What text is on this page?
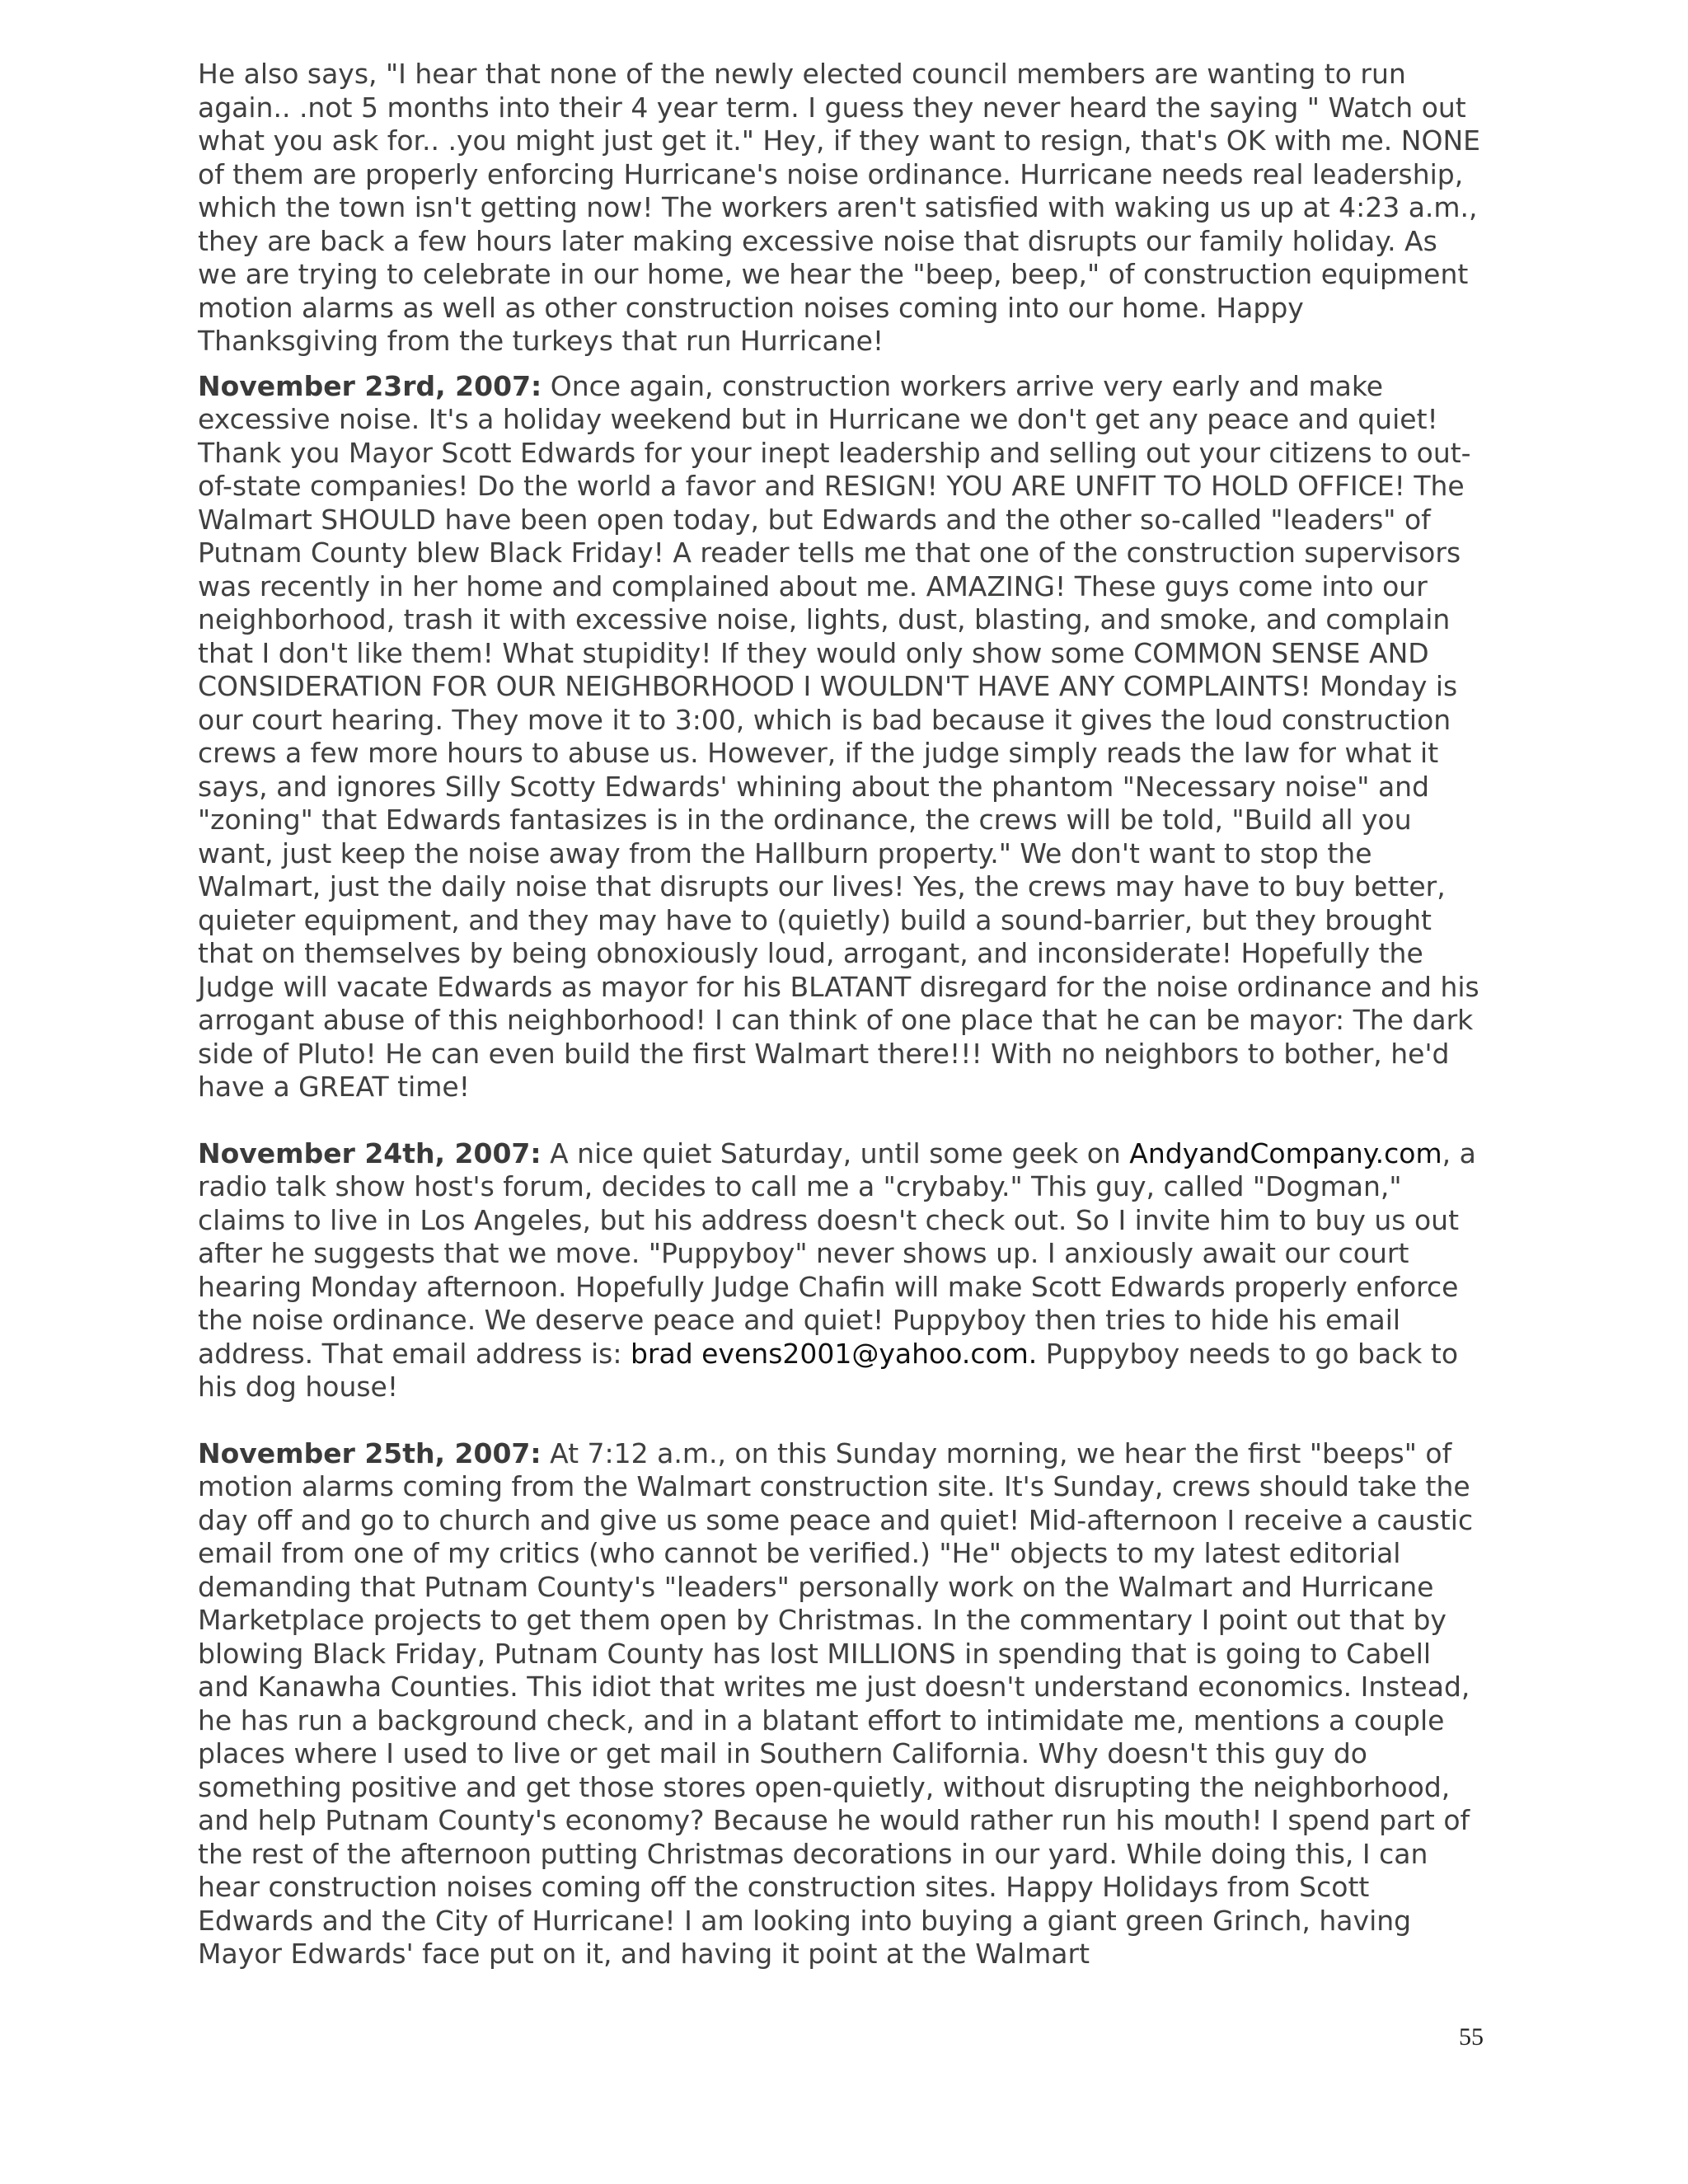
He also says, "I hear that none of the newly elected council members are wanting to run again.. .not 5 months into their 4 year term. I guess they never heard the saying " Watch out what you ask for.. .you might just get it." Hey, if they want to resign, that's OK with me. NONE of them are properly enforcing Hurricane's noise ordinance. Hurricane needs real leadership, which the town isn't getting now! The workers aren't satisfied with waking us up at 4:23 a.m., they are back a few hours later making excessive noise that disrupts our family holiday. As we are trying to celebrate in our home, we hear the "beep, beep," of construction equipment motion alarms as well as other construction noises coming into our home. Happy Thanksgiving from the turkeys that run Hurricane!

November 23rd, 2007: Once again, construction workers arrive very early and make excessive noise. It's a holiday weekend but in Hurricane we don't get any peace and quiet! Thank you Mayor Scott Edwards for your inept leadership and selling out your citizens to out-of-state companies! Do the world a favor and RESIGN! YOU ARE UNFIT TO HOLD OFFICE! The Walmart SHOULD have been open today, but Edwards and the other so-called "leaders" of Putnam County blew Black Friday! A reader tells me that one of the construction supervisors was recently in her home and complained about me. AMAZING! These guys come into our neighborhood, trash it with excessive noise, lights, dust, blasting, and smoke, and complain that I don't like them! What stupidity! If they would only show some COMMON SENSE AND CONSIDERATION FOR OUR NEIGHBORHOOD I WOULDN'T HAVE ANY COMPLAINTS! Monday is our court hearing. They move it to 3:00, which is bad because it gives the loud construction crews a few more hours to abuse us. However, if the judge simply reads the law for what it says, and ignores Silly Scotty Edwards' whining about the phantom "Necessary noise" and "zoning" that Edwards fantasizes is in the ordinance, the crews will be told, "Build all you want, just keep the noise away from the Hallburn property." We don't want to stop the Walmart, just the daily noise that disrupts our lives! Yes, the crews may have to buy better, quieter equipment, and they may have to (quietly) build a sound-barrier, but they brought that on themselves by being obnoxiously loud, arrogant, and inconsiderate! Hopefully the Judge will vacate Edwards as mayor for his BLATANT disregard for the noise ordinance and his arrogant abuse of this neighborhood! I can think of one place that he can be mayor: The dark side of Pluto! He can even build the first Walmart there!!! With no neighbors to bother, he'd have a GREAT time!

November 24th, 2007: A nice quiet Saturday, until some geek on AndyandCompany.com, a radio talk show host's forum, decides to call me a "crybaby." This guy, called "Dogman," claims to live in Los Angeles, but his address doesn't check out. So I invite him to buy us out after he suggests that we move. "Puppyboy" never shows up. I anxiously await our court hearing Monday afternoon. Hopefully Judge Chafin will make Scott Edwards properly enforce the noise ordinance. We deserve peace and quiet! Puppyboy then tries to hide his email address. That email address is: brad evens2001@yahoo.com. Puppyboy needs to go back to his dog house!

November 25th, 2007: At 7:12 a.m., on this Sunday morning, we hear the first "beeps" of motion alarms coming from the Walmart construction site. It's Sunday, crews should take the day off and go to church and give us some peace and quiet! Mid-afternoon I receive a caustic email from one of my critics (who cannot be verified.) "He" objects to my latest editorial demanding that Putnam County's "leaders" personally work on the Walmart and Hurricane Marketplace projects to get them open by Christmas. In the commentary I point out that by blowing Black Friday, Putnam County has lost MILLIONS in spending that is going to Cabell and Kanawha Counties. This idiot that writes me just doesn't understand economics. Instead, he has run a background check, and in a blatant effort to intimidate me, mentions a couple places where I used to live or get mail in Southern California. Why doesn't this guy do something positive and get those stores open-quietly, without disrupting the neighborhood, and help Putnam County's economy? Because he would rather run his mouth! I spend part of the rest of the afternoon putting Christmas decorations in our yard. While doing this, I can hear construction noises coming off the construction sites. Happy Holidays from Scott Edwards and the City of Hurricane! I am looking into buying a giant green Grinch, having Mayor Edwards' face put on it, and having it point at the Walmart

55
